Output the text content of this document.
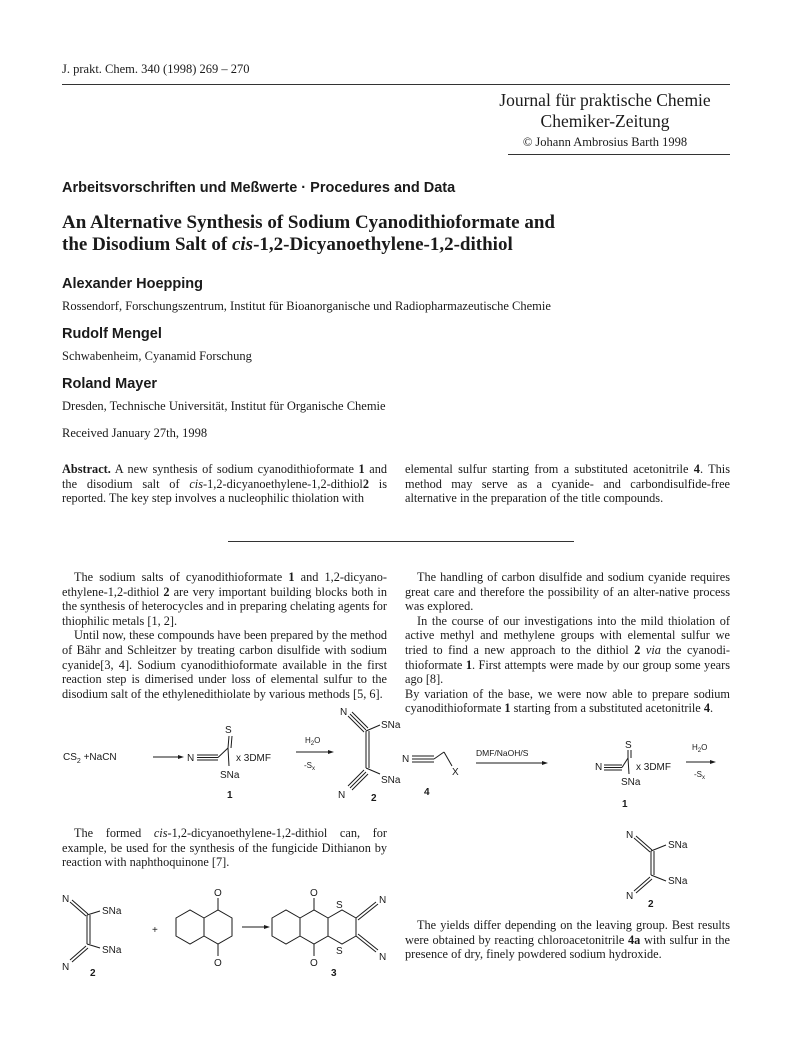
J. prakt. Chem. 340 (1998) 269 – 270
Journal für praktische Chemie
Chemiker-Zeitung
© Johann Ambrosius Barth 1998
Arbeitsvorschriften und Meßwerte · Procedures and Data
An Alternative Synthesis of Sodium Cyanodithioformate and
the Disodium Salt of cis-1,2-Dicyanoethylene-1,2-dithiol
Alexander Hoepping
Rossendorf, Forschungszentrum, Institut für Bioanorganische und Radiopharmazeutische Chemie
Rudolf Mengel
Schwabenheim, Cyanamid Forschung
Roland Mayer
Dresden, Technische Universität, Institut für Organische Chemie
Received January 27th, 1998
Abstract. A new synthesis of sodium cyanodithioformate 1 and the disodium salt of cis-1,2-dicyanoethylene-1,2-dithiol2 is reported. The key step involves a nucleophilic thiolation with
elemental sulfur starting from a substituted acetonitrile 4. This method may serve as a cyanide- and carbondisulfide-free alternative in the preparation of the title compounds.

The sodium salts of cyanodithioformate 1 and 1,2-dicyano-ethylene-1,2-dithiol 2 are very important building blocks both in the synthesis of heterocycles and in preparing chelating agents for thiophilic metals [1, 2].

Until now, these compounds have been prepared by the method of Bähr and Schleitzer by treating carbon disulfide with sodium cyanide[3, 4]. Sodium cyanodithioformate available in the first reaction step is dimerised under loss of elemental sulfur to the disodium salt of the ethylenedithiolate by various methods [5, 6].

$CS_2$ +NaCN	N
S
SNa
x 3DMF
1
$H_2O$
$-S_x$
N
SNa
SNa
N	2

The formed cis-1,2-dicyanoethylene-1,2-dithiol can, for example, be used for the synthesis of the fungicide Dithianon by reaction with naphthoquinone [7].

N
SNa
SNa
N
2
+
O
O
O
O
S
S
N
N
3

The handling of carbon disulfide and sodium cyanide requires great care and therefore the possibility of an alter-native process was explored.

In the course of our investigations into the mild thiolation of active methyl and methylene groups with elemental sulfur we tried to find a new approach to the dithiol 2 via the cyanodi-thioformate 1. First attempts were made by our group some years ago [8].

By variation of the base, we were now able to prepare sodium cyanodithioformate 1 starting from a substituted acetonitrile 4.

N
X
4
DMF/NaOH/S
N
S
SNa
x 3DMF
1
$H_2O$
$-S_x$
N
SNa
SNa
N
2

The yields differ depending on the leaving group. Best results were obtained by reacting chloroacetonitrile 4a with sulfur in the presence of dry, finely powdered sodium hydroxide.
